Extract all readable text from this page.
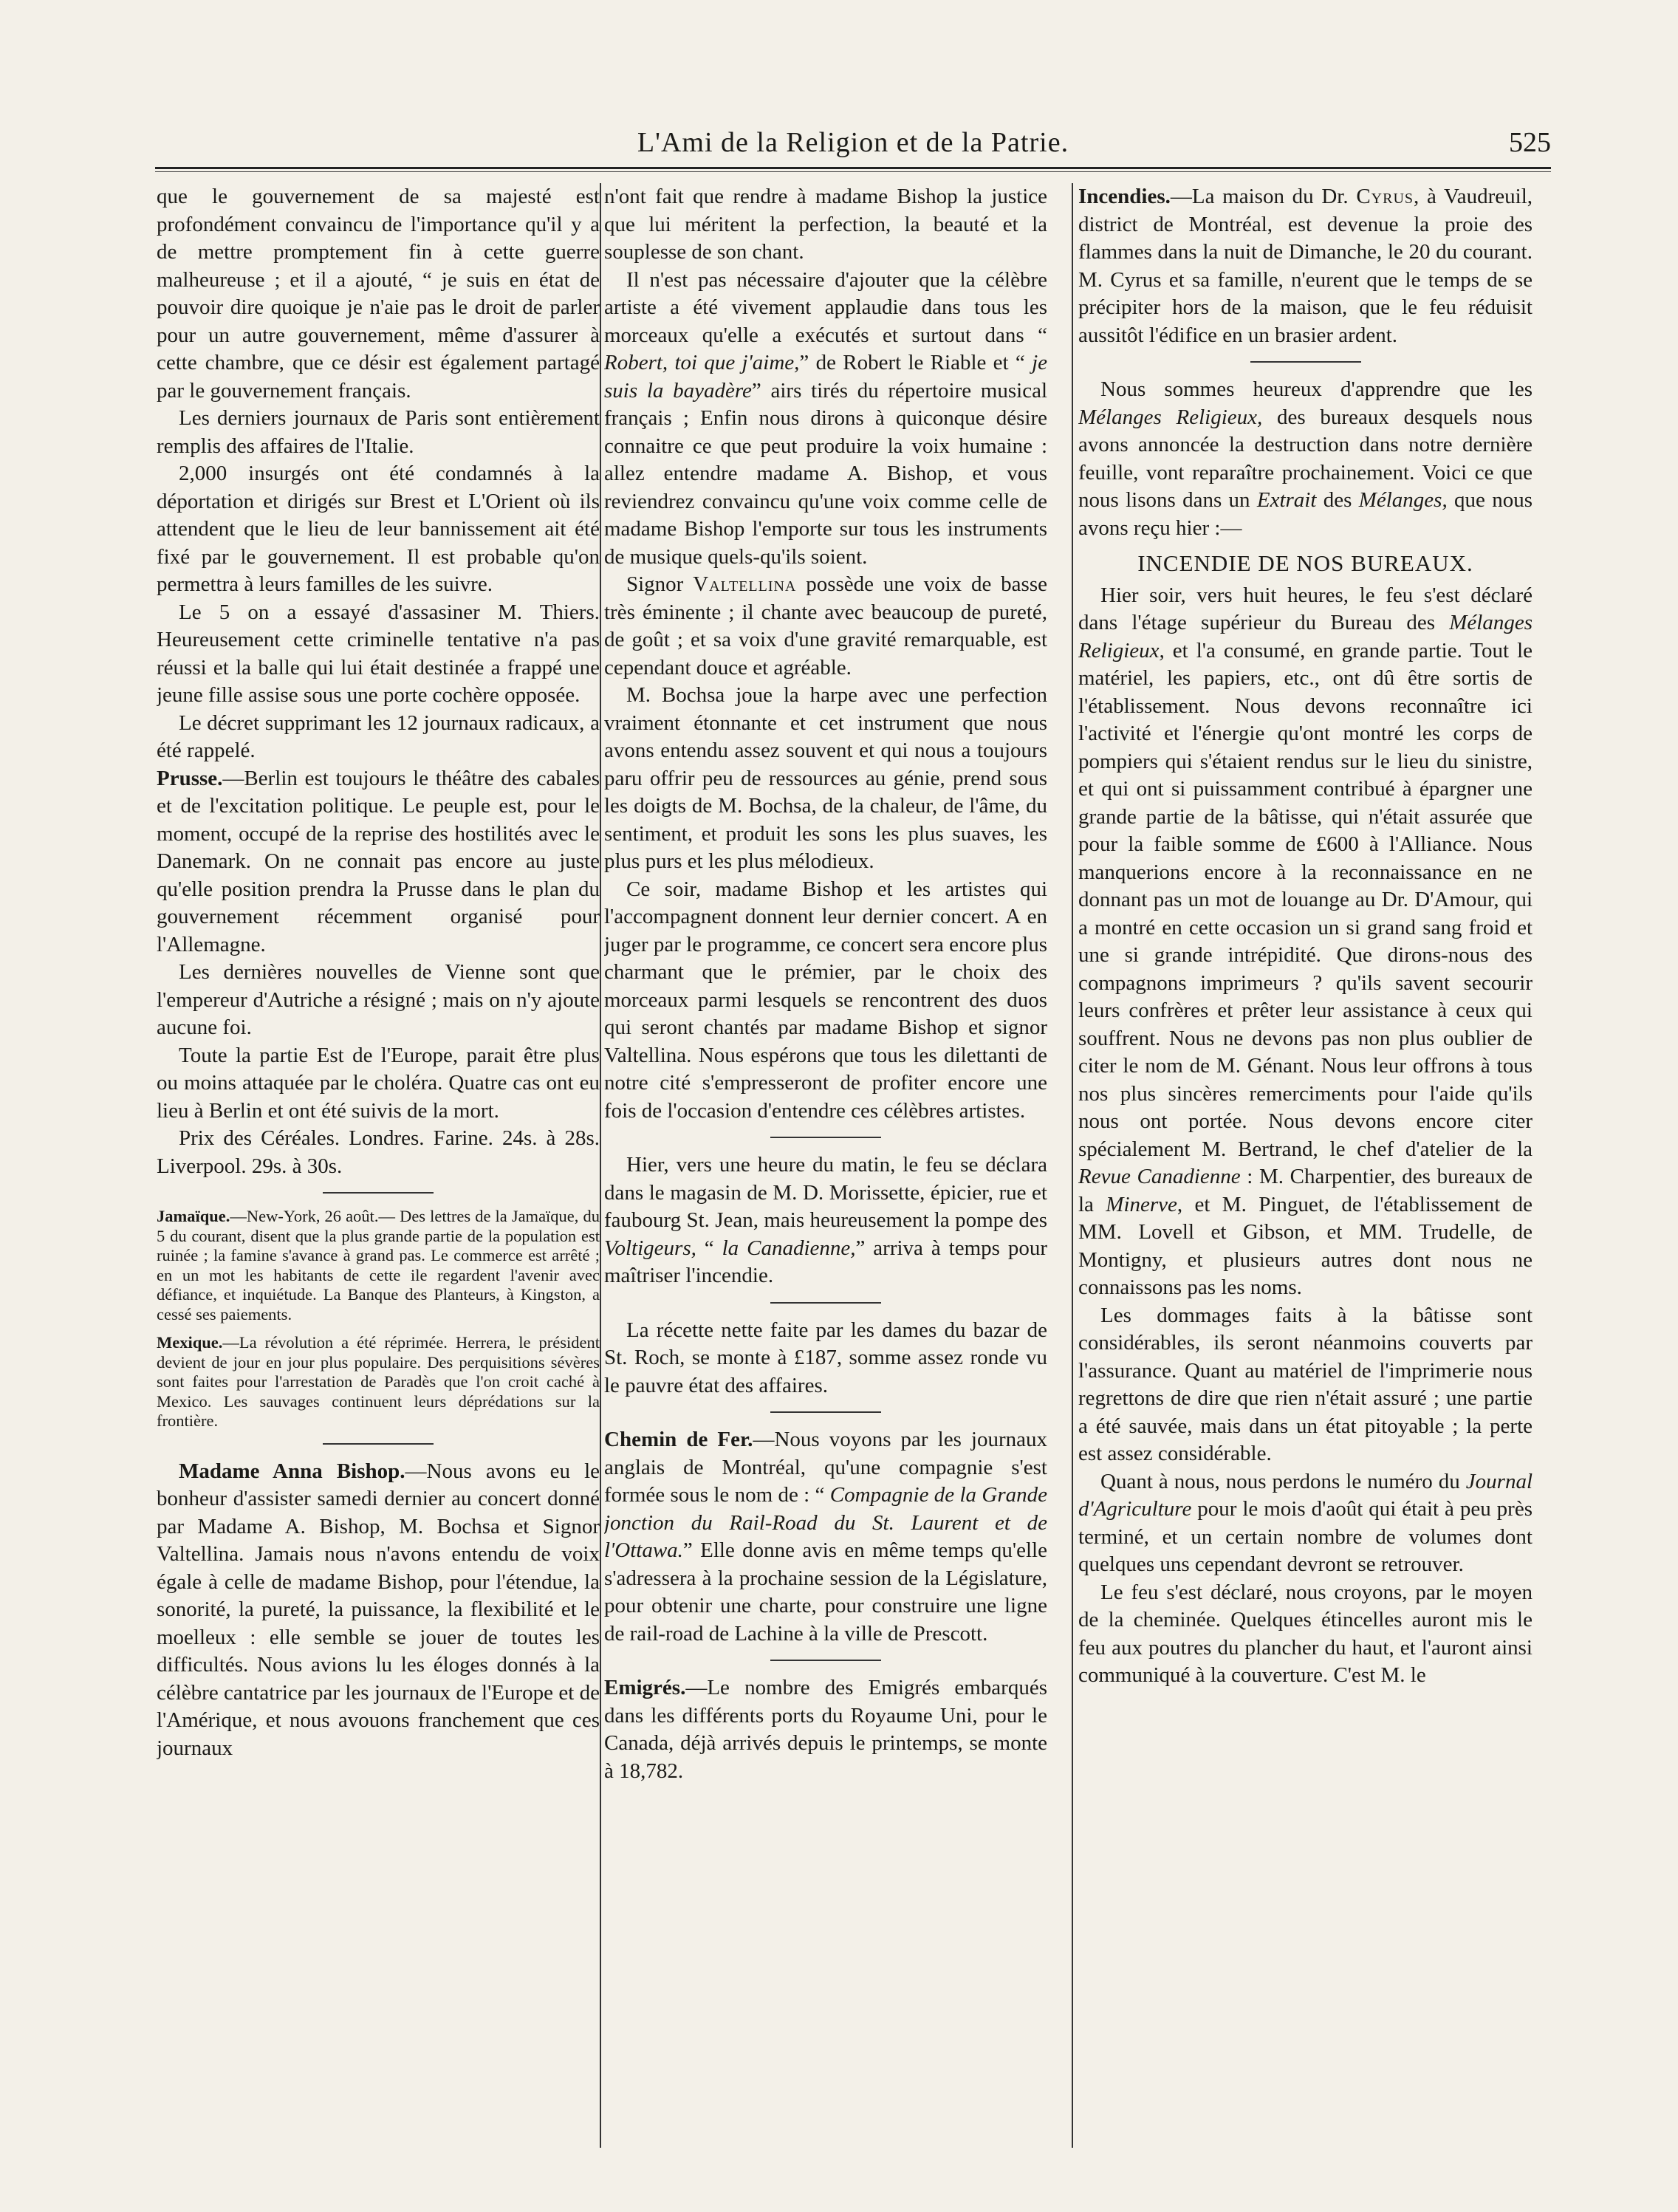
L'Ami de la Religion et de la Patrie.	525

que le gouvernement de sa majesté est profondément convaincu de l'importance qu'il y a de mettre promptement fin à cette guerre malheureuse ; et il a ajouté, “ je suis en état de pouvoir dire quoique je n'aie pas le droit de parler pour un autre gouvernement, même d'assurer à cette chambre, que ce désir est également partagé par le gouvernement français.

Les derniers journaux de Paris sont entièrement remplis des affaires de l'Italie.

2,000 insurgés ont été condamnés à la déportation et dirigés sur Brest et L'Orient où ils attendent que le lieu de leur bannissement ait été fixé par le gouvernement. Il est probable qu'on permettra à leurs familles de les suivre.

Le 5 on a essayé d'assasiner M. Thiers. Heureusement cette criminelle tentative n'a pas réussi et la balle qui lui était destinée a frappé une jeune fille assise sous une porte cochère opposée.

Le décret supprimant les 12 journaux radicaux, a été rappelé.

Prusse.—Berlin est toujours le théâtre des cabales et de l'excitation politique. Le peuple est, pour le moment, occupé de la reprise des hostilités avec le Danemark. On ne connait pas encore au juste qu'elle position prendra la Prusse dans le plan du gouvernement récemment organisé pour l'Allemagne.

Les dernières nouvelles de Vienne sont que l'empereur d'Autriche a résigné ; mais on n'y ajoute aucune foi.

Toute la partie Est de l'Europe, parait être plus ou moins attaquée par le choléra. Quatre cas ont eu lieu à Berlin et ont été suivis de la mort.

Prix des Céréales. Londres. Farine. 24s. à 28s. Liverpool. 29s. à 30s.

Jamaïque.—New-York, 26 août.— Des lettres de la Jamaïque, du 5 du courant, disent que la plus grande partie de la population est ruinée ; la famine s'avance à grand pas. Le commerce est arrêté ; en un mot les habitants de cette ile regardent l'avenir avec défiance, et inquiétude. La Banque des Planteurs, à Kingston, a cessé ses paiements.

Mexique.—La révolution a été réprimée. Herrera, le président devient de jour en jour plus populaire. Des perquisitions sévères sont faites pour l'arrestation de Paradès que l'on croit caché à Mexico. Les sauvages continuent leurs déprédations sur la frontière.

Madame Anna Bishop.—Nous avons eu le bonheur d'assister samedi dernier au concert donné par Madame A. Bishop, M. Bochsa et Signor Valtellina. Jamais nous n'avons entendu de voix égale à celle de madame Bishop, pour l'étendue, la sonorité, la pureté, la puissance, la flexibilité et le moelleux : elle semble se jouer de toutes les difficultés. Nous avions lu les éloges donnés à la célèbre cantatrice par les journaux de l'Europe et de l'Amérique, et nous avouons franchement que ces journaux

n'ont fait que rendre à madame Bishop la justice que lui méritent la perfection, la beauté et la souplesse de son chant.

Il n'est pas nécessaire d'ajouter que la célèbre artiste a été vivement applaudie dans tous les morceaux qu'elle a exécutés et surtout dans “ Robert, toi que j'aime,” de Robert le Riable et “ je suis la bayadère” airs tirés du répertoire musical français ; Enfin nous dirons à quiconque désire connaitre ce que peut produire la voix humaine : allez entendre madame A. Bishop, et vous reviendrez convaincu qu'une voix comme celle de madame Bishop l'emporte sur tous les instruments de musique quels-qu'ils soient.

Signor Valtellina possède une voix de basse très éminente ; il chante avec beaucoup de pureté, de goût ; et sa voix d'une gravité remarquable, est cependant douce et agréable.

M. Bochsa joue la harpe avec une perfection vraiment étonnante et cet instrument que nous avons entendu assez souvent et qui nous a toujours paru offrir peu de ressources au génie, prend sous les doigts de M. Bochsa, de la chaleur, de l'âme, du sentiment, et produit les sons les plus suaves, les plus purs et les plus mélodieux.

Ce soir, madame Bishop et les artistes qui l'accompagnent donnent leur dernier concert. A en juger par le programme, ce concert sera encore plus charmant que le prémier, par le choix des morceaux parmi lesquels se rencontrent des duos qui seront chantés par madame Bishop et signor Valtellina. Nous espérons que tous les dilettanti de notre cité s'empresseront de profiter encore une fois de l'occasion d'entendre ces célèbres artistes.

Hier, vers une heure du matin, le feu se déclara dans le magasin de M. D. Morissette, épicier, rue et faubourg St. Jean, mais heureusement la pompe des Voltigeurs, “ la Canadienne,” arriva à temps pour maîtriser l'incendie.

La récette nette faite par les dames du bazar de St. Roch, se monte à £187, somme assez ronde vu le pauvre état des affaires.

Chemin de Fer.—Nous voyons par les journaux anglais de Montréal, qu'une compagnie s'est formée sous le nom de : “ Compagnie de la Grande jonction du Rail-Road du St. Laurent et de l'Ottawa.” Elle donne avis en même temps qu'elle s'adressera à la prochaine session de la Législature, pour obtenir une charte, pour construire une ligne de rail-road de Lachine à la ville de Prescott.

Emigrés.—Le nombre des Emigrés embarqués dans les différents ports du Royaume Uni, pour le Canada, déjà arrivés depuis le printemps, se monte à 18,782.

Incendies.—La maison du Dr. Cyrus, à Vaudreuil, district de Montréal, est devenue la proie des flammes dans la nuit de Dimanche, le 20 du courant. M. Cyrus et sa famille, n'eurent que le temps de se précipiter hors de la maison, que le feu réduisit aussitôt l'édifice en un brasier ardent.

Nous sommes heureux d'apprendre que les Mélanges Religieux, des bureaux desquels nous avons annoncée la destruction dans notre dernière feuille, vont reparaître prochainement. Voici ce que nous lisons dans un Extrait des Mélanges, que nous avons reçu hier :—

INCENDIE DE NOS BUREAUX.

Hier soir, vers huit heures, le feu s'est déclaré dans l'étage supérieur du Bureau des Mélanges Religieux, et l'a consumé, en grande partie. Tout le matériel, les papiers, etc., ont dû être sortis de l'établissement. Nous devons reconnaître ici l'activité et l'énergie qu'ont montré les corps de pompiers qui s'étaient rendus sur le lieu du sinistre, et qui ont si puissamment contribué à épargner une grande partie de la bâtisse, qui n'était assurée que pour la faible somme de £600 à l'Alliance. Nous manquerions encore à la reconnaissance en ne donnant pas un mot de louange au Dr. D'Amour, qui a montré en cette occasion un si grand sang froid et une si grande intrépidité. Que dirons-nous des compagnons imprimeurs ? qu'ils savent secourir leurs confrères et prêter leur assistance à ceux qui souffrent. Nous ne devons pas non plus oublier de citer le nom de M. Génant. Nous leur offrons à tous nos plus sincères remerciments pour l'aide qu'ils nous ont portée. Nous devons encore citer spécialement M. Bertrand, le chef d'atelier de la Revue Canadienne : M. Charpentier, des bureaux de la Minerve, et M. Pinguet, de l'établissement de MM. Lovell et Gibson, et MM. Trudelle, de Montigny, et plusieurs autres dont nous ne connaissons pas les noms.

Les dommages faits à la bâtisse sont considérables, ils seront néanmoins couverts par l'assurance. Quant au matériel de l'imprimerie nous regrettons de dire que rien n'était assuré ; une partie a été sauvée, mais dans un état pitoyable ; la perte est assez considérable.

Quant à nous, nous perdons le numéro du Journal d'Agriculture pour le mois d'août qui était à peu près terminé, et un certain nombre de volumes dont quelques uns cependant devront se retrouver.

Le feu s'est déclaré, nous croyons, par le moyen de la cheminée. Quelques étincelles auront mis le feu aux poutres du plancher du haut, et l'auront ainsi communiqué à la couverture. C'est M. le
